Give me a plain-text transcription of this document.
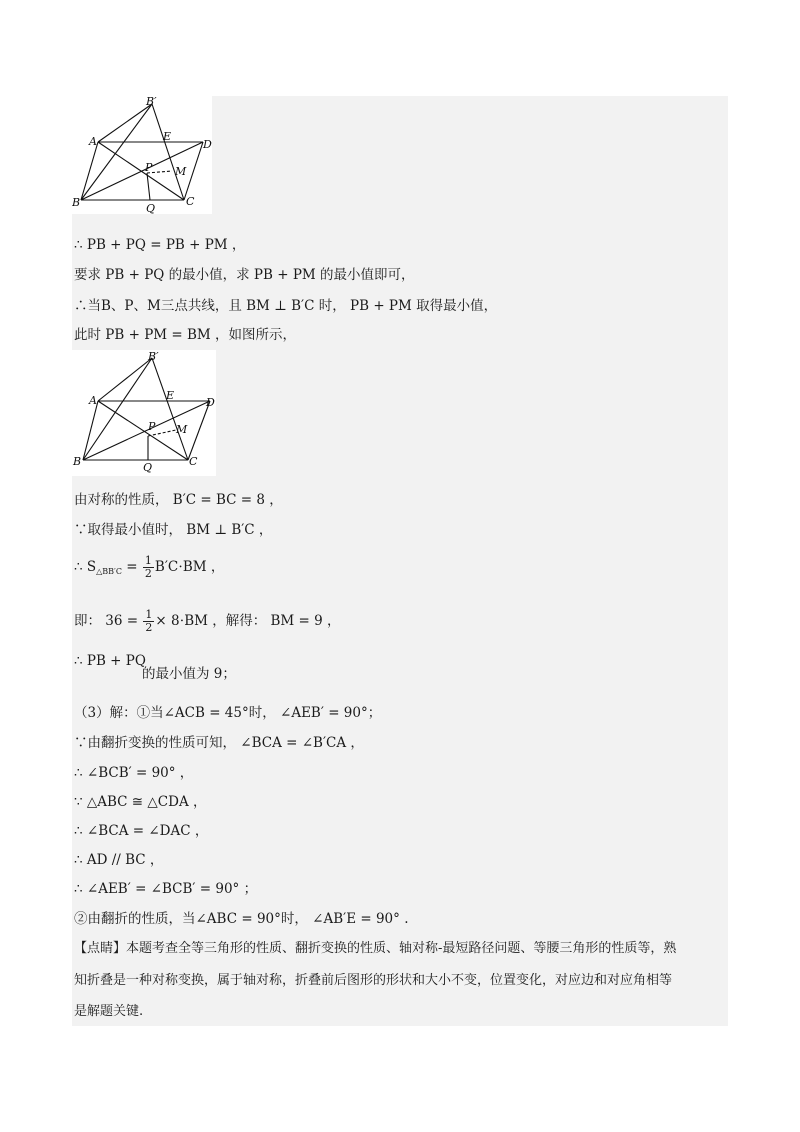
B′
A	E
D
P M
B	Q
C
∴ PB + PQ = PB + PM ，
要求 PB + PQ 的最小值，求 PB + PM 的最小值即可，
∴当B、P、M三点共线，且 BM ⊥ B′C 时， PB + PM 取得最小值，
此时 PB + PM = BM ，如图所示，
B′
A	E
D
P M
B	Q	C
由对称的性质， B′C = BC = 8 ，
∵取得最小值时， BM ⊥ B′C ，
∴ $S_{\triangle BB'C} = \frac{1}{2} B'C\cdot BM$ ，
即： $36 = \frac{1}{2} \times 8\cdot BM$ ，解得： BM = 9 ，
∴ PB + PQ
的最小值为 9；
（3）解：①当∠ACB = 45°时， ∠AEB′ = 90°；
∵由翻折变换的性质可知， ∠BCA = ∠B′CA ，
∴ ∠BCB′ = 90° ，
∵ △ABC ≅ △CDA ，
∴ ∠BCA = ∠DAC ，
∴ AD // BC ，
∴ ∠AEB′ = ∠BCB′ = 90° ；
②由翻折的性质，当∠ABC = 90°时， ∠AB′E = 90° .
【点睛】本题考查全等三角形的性质、翻折变换的性质、轴对称-最短路径问题、等腰三角形的性质等，熟
知折叠是一种对称变换，属于轴对称，折叠前后图形的形状和大小不变，位置变化，对应边和对应角相等
是解题关键.
